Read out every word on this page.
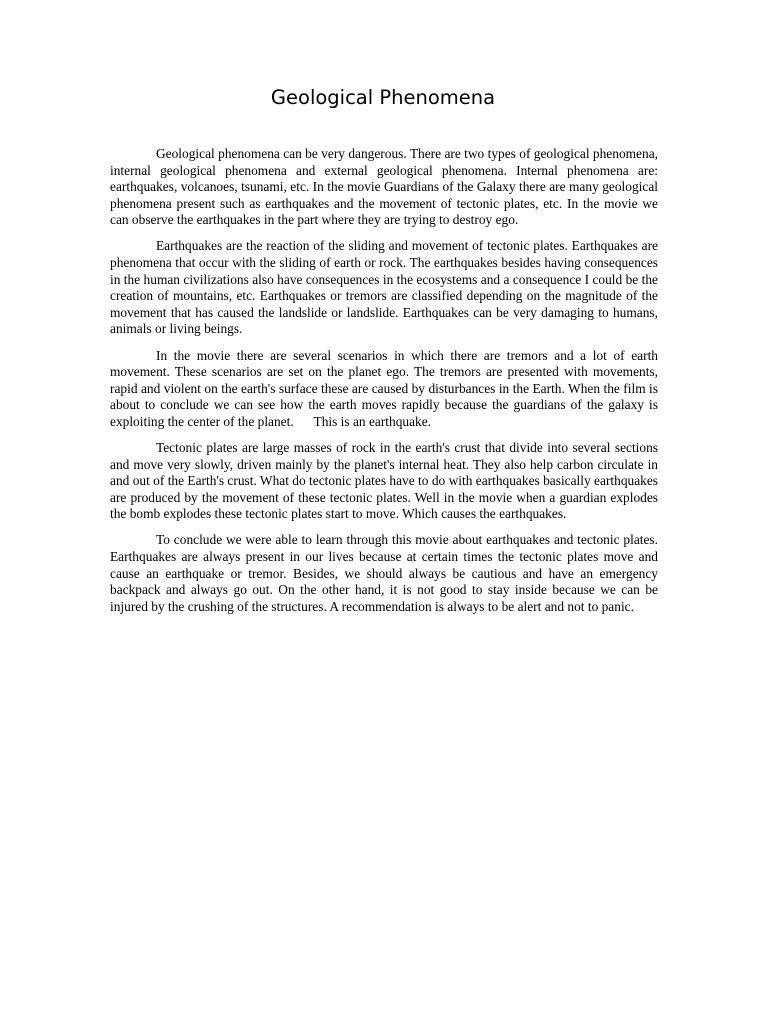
Geological Phenomena

Geological phenomena can be very dangerous. There are two types of geological phenomena, internal geological phenomena and external geological phenomena. Internal phenomena are: earthquakes, volcanoes, tsunami, etc. In the movie Guardians of the Galaxy there are many geological phenomena present such as earthquakes and the movement of tectonic plates, etc. In the movie we can observe the earthquakes in the part where they are trying to destroy ego.

Earthquakes are the reaction of the sliding and movement of tectonic plates. Earthquakes are phenomena that occur with the sliding of earth or rock. The earthquakes besides having consequences in the human civilizations also have consequences in the ecosystems and a consequence I could be the creation of mountains, etc. Earthquakes or tremors are classified depending on the magnitude of the movement that has caused the landslide or landslide. Earthquakes can be very damaging to humans, animals or living beings.

In the movie there are several scenarios in which there are tremors and a lot of earth movement. These scenarios are set on the planet ego. The tremors are presented with movements, rapid and violent on the earth's surface these are caused by disturbances in the Earth. When the film is about to conclude we can see how the earth moves rapidly because the guardians of the galaxy is exploiting the center of the planet.      This is an earthquake.

Tectonic plates are large masses of rock in the earth's crust that divide into several sections and move very slowly, driven mainly by the planet's internal heat. They also help carbon circulate in and out of the Earth's crust. What do tectonic plates have to do with earthquakes basically earthquakes are produced by the movement of these tectonic plates. Well in the movie when a guardian explodes the bomb explodes these tectonic plates start to move. Which causes the earthquakes.

To conclude we were able to learn through this movie about earthquakes and tectonic plates. Earthquakes are always present in our lives because at certain times the tectonic plates move and cause an earthquake or tremor. Besides, we should always be cautious and have an emergency backpack and always go out. On the other hand, it is not good to stay inside because we can be injured by the crushing of the structures. A recommendation is always to be alert and not to panic.
